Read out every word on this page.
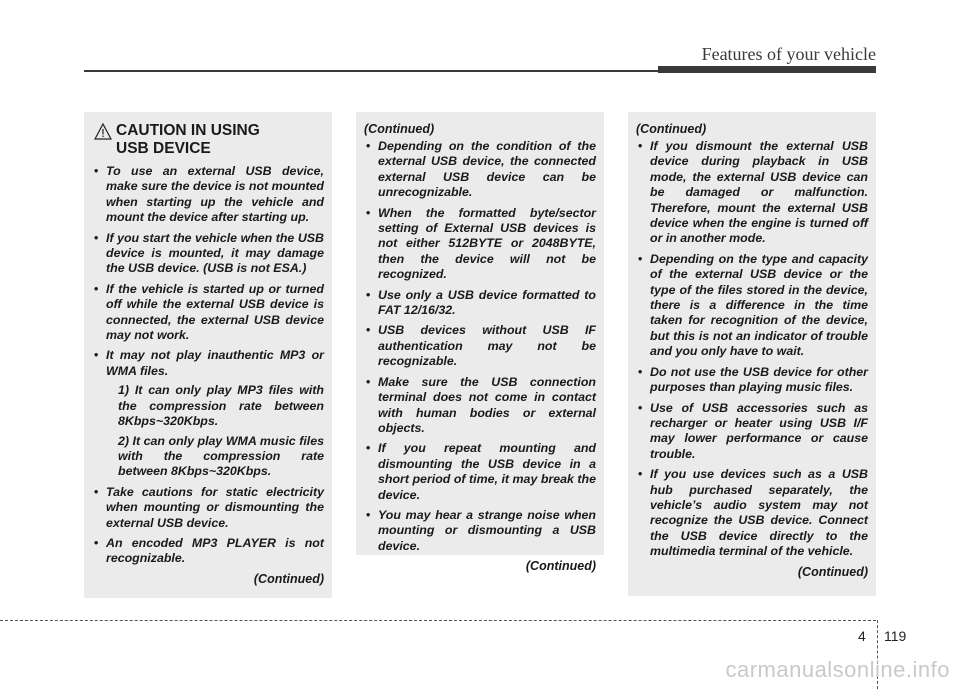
Features of your vehicle
CAUTION IN USING
USB DEVICE
• To use an external USB device, make sure the device is not mounted when starting up the vehicle and mount the device after starting up.
• If you start the vehicle when the USB device is mounted, it may damage the USB device. (USB is not ESA.)
• If the vehicle is started up or turned off while the external USB device is connected, the external USB device may not work.
• It may not play inauthentic MP3 or WMA files.
1) It can only play MP3 files with the compression rate between 8Kbps~320Kbps.
2) It can only play WMA music files with the compression rate between 8Kbps~320Kbps.
• Take cautions for static electricity when mounting or dismounting the external USB device.
• An encoded MP3 PLAYER is not recognizable.
(Continued)
(Continued)
• Depending on the condition of the external USB device, the connected external USB device can be unrecognizable.
• When the formatted byte/sector setting of External USB devices is not either 512BYTE or 2048BYTE, then the device will not be recognized.
• Use only a USB device formatted to FAT 12/16/32.
• USB devices without USB IF authentication may not be recognizable.
• Make sure the USB connection terminal does not come in contact with human bodies or external objects.
• If you repeat mounting and dismounting the USB device in a short period of time, it may break the device.
• You may hear a strange noise when mounting or dismounting a USB device.
(Continued)
(Continued)
• If you dismount the external USB device during playback in USB mode, the external USB device can be damaged or malfunction. Therefore, mount the external USB device when the engine is turned off or in another mode.
• Depending on the type and capacity of the external USB device or the type of the files stored in the device, there is a difference in the time taken for recognition of the device, but this is not an indicator of trouble and you only have to wait.
• Do not use the USB device for other purposes than playing music files.
• Use of USB accessories such as recharger or heater using USB I/F may lower performance or cause trouble.
• If you use devices such as a USB hub purchased separately, the vehicle’s audio system may not recognize the USB device. Connect the USB device directly to the multimedia terminal of the vehicle.
(Continued)
4 119
carmanualsonline.info
